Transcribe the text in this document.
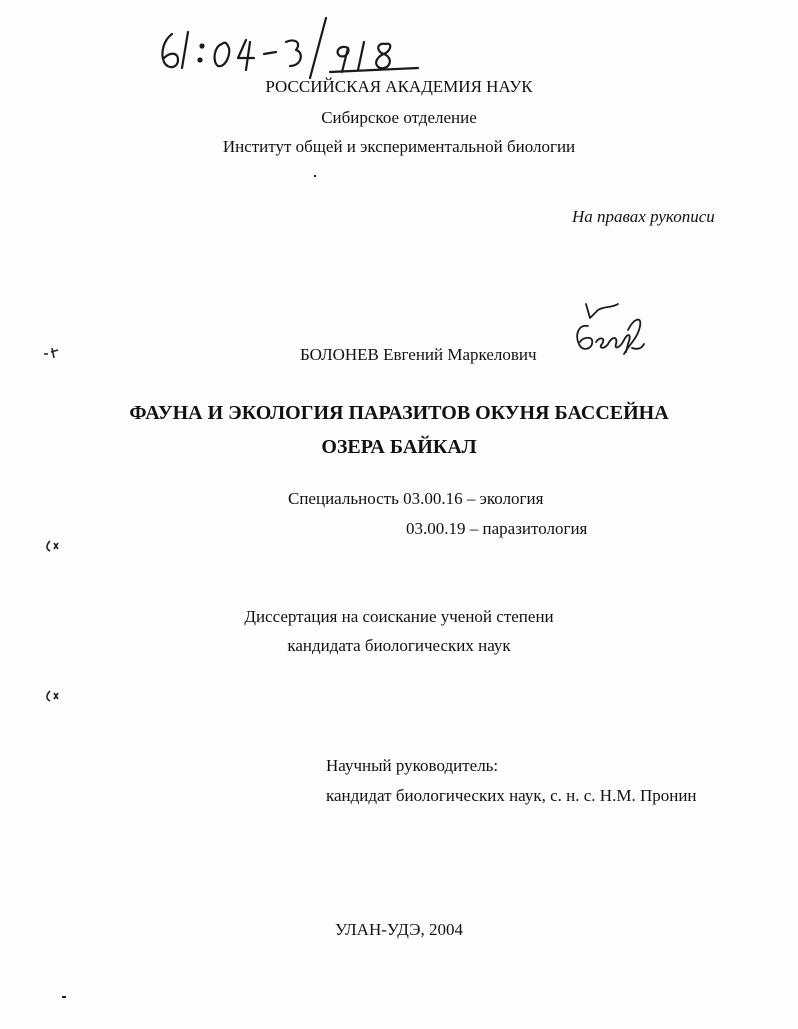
РОССИЙСКАЯ АКАДЕМИЯ НАУК
Сибирское отделение
Институт общей и экспериментальной биологии
На правах рукописи
БОЛОНЕВ Евгений Маркелович
ФАУНА И ЭКОЛОГИЯ ПАРАЗИТОВ ОКУНЯ БАССЕЙНА
ОЗЕРА БАЙКАЛ
Специальность 03.00.16 – экология
03.00.19 – паразитология
Диссертация на соискание ученой степени
кандидата биологических наук
Научный руководитель:
кандидат биологических наук, с. н. с. Н.М. Пронин
УЛАН-УДЭ, 2004
